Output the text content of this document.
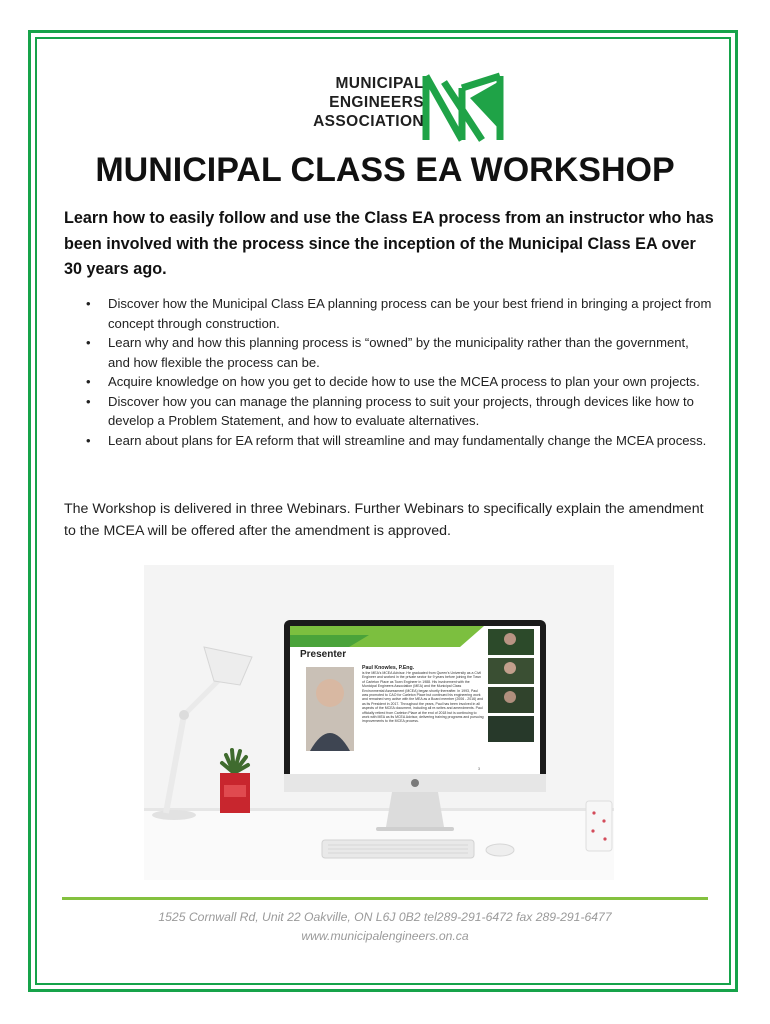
MUNICIPAL
ENGINEERS
ASSOCIATION
MUNICIPAL CLASS EA WORKSHOP

Learn how to easily follow and use the Class EA process from an instructor who has been involved with the process since the inception of the Municipal Class EA over 30 years ago.

• Discover how the Municipal Class EA planning process can be your best friend in bringing a project from concept through construction.
• Learn why and how this planning process is “owned” by the municipality rather than the government, and how flexible the process can be.
• Acquire knowledge on how you get to decide how to use the MCEA process to plan your own projects.
• Discover how you can manage the planning process to suit your projects, through devices like how to develop a Problem Statement, and how to evaluate alternatives.
• Learn about plans for EA reform that will streamline and may fundamentally change the MCEA process.

The Workshop is delivered in three Webinars. Further Webinars to specifically explain the amendment to the MCEA will be offered after the amendment is approved.

Presenter
Paul Knowles, P.Eng.
is the MEA's MCEA Advisor. He graduated from Queen's University as a Civil Engineer and worked in the private sector for 9 years before joining the Town of Carleton Place as Town Engineer in 1988. His involvement with the Municipal Engineers Association (MEA) and the Municipal Class Environmental Assessment (MCEA) began shortly thereafter. In 1993, Paul was promoted to CAO for Carleton Place but continued his engineering work and remained very active with the MEA as a Board member (2006 - 2016) and as its President in 2017. Throughout the years, Paul has been involved in all aspects of the MCEA document, including all re-writes and amendments. Paul officially retired from Carleton Place at the end of 2018 but is continuing to work with MEA as its MCEA Advisor, delivering training programs and pursuing improvements to the MCEA process.
3
1525 Cornwall Rd, Unit 22 Oakville, ON L6J 0B2 tel289-291-6472 fax 289-291-6477
www.municipalengineers.on.ca
